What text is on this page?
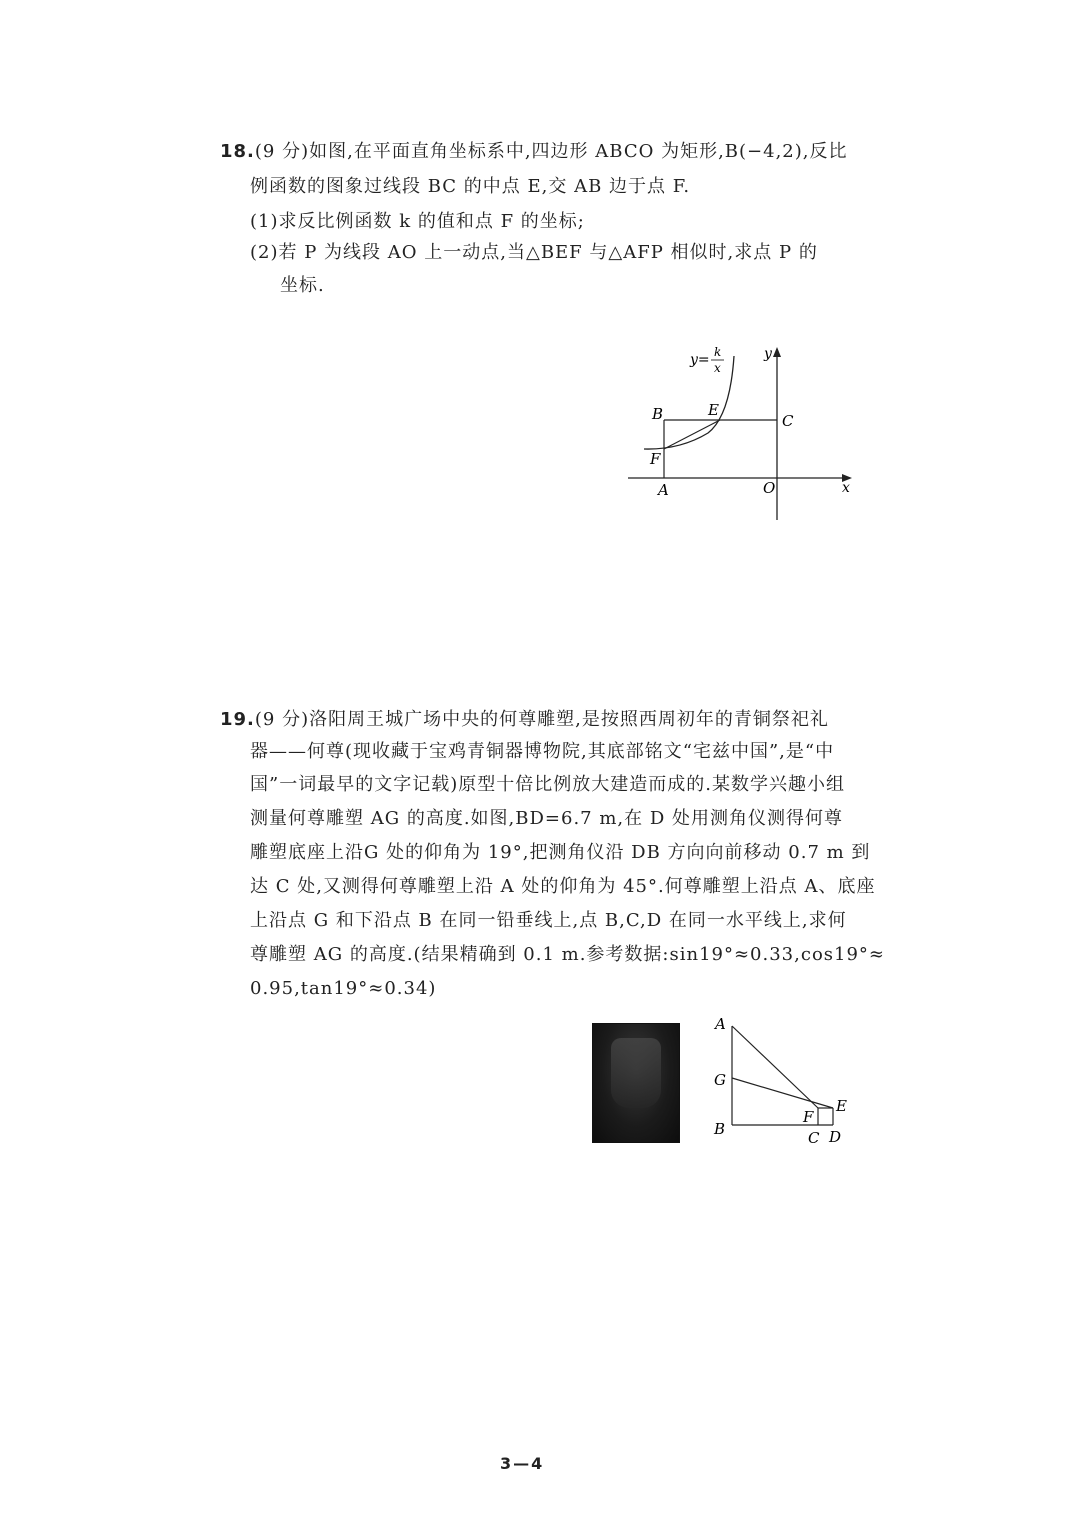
18.(9 分)如图,在平面直角坐标系中,四边形 ABCO 为矩形,B(−4,2),反比
例函数的图象过线段 BC 的中点 E,交 AB 边于点 F.
(1)求反比例函数 k 的值和点 F 的坐标;
(2)若 P 为线段 AO 上一动点,当△BEF 与△AFP 相似时,求点 P 的
坐标.
y= k
x
B	E
C
F
A	O	x
y
19.(9 分)洛阳周王城广场中央的何尊雕塑,是按照西周初年的青铜祭祀礼
器——何尊(现收藏于宝鸡青铜器博物院,其底部铭文“宅兹中国”,是“中
国”一词最早的文字记载)原型十倍比例放大建造而成的.某数学兴趣小组
测量何尊雕塑 AG 的高度.如图,BD=6.7 m,在 D 处用测角仪测得何尊
雕塑底座上沿G 处的仰角为 19°,把测角仪沿 DB 方向向前移动 0.7 m 到
达 C 处,又测得何尊雕塑上沿 A 处的仰角为 45°.何尊雕塑上沿点 A、底座
上沿点 G 和下沿点 B 在同一铅垂线上,点 B,C,D 在同一水平线上,求何
尊雕塑 AG 的高度.(结果精确到 0.1 m.参考数据:sin19°≈0.33,cos19°≈
0.95,tan19°≈0.34)
A
G
B
F
E
C D
3—4
